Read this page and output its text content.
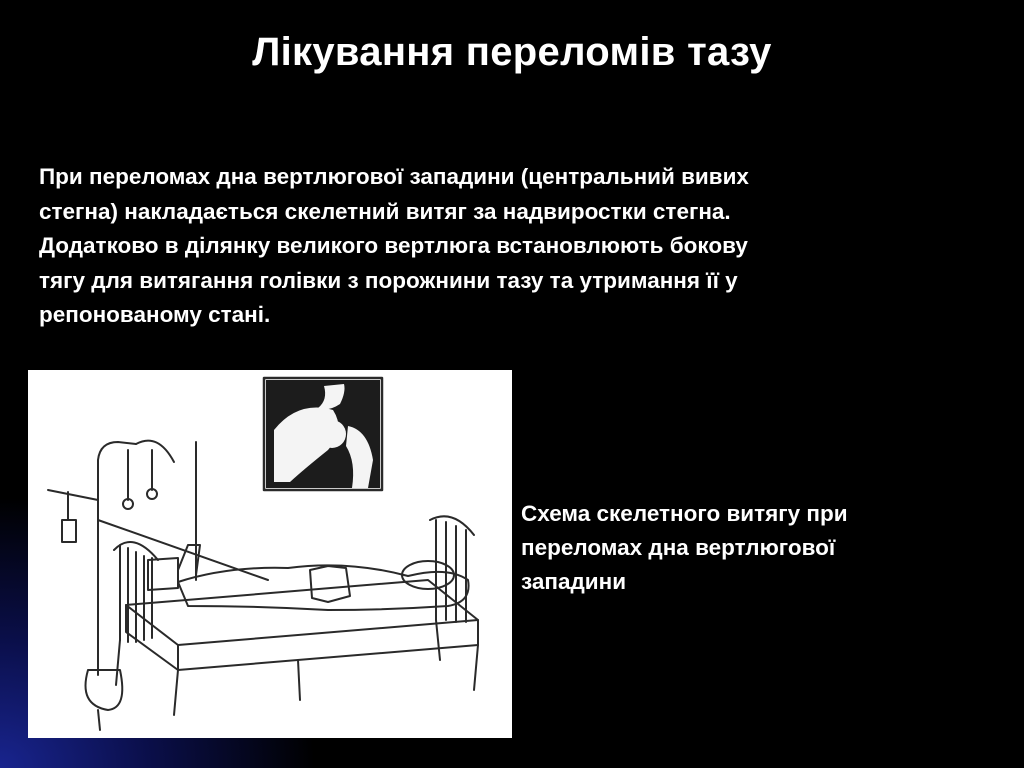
Лікування переломів тазу
При переломах дна вертлюгової западини (центральний вивих
стегна) накладається скелетний витяг за надвиростки стегна.
Додатково в ділянку великого вертлюга встановлюють бокову
тягу для витягання голівки з порожнини тазу та утримання її у
репонованому стані.
Схема скелетного витягу при
переломах дна вертлюгової
западини
